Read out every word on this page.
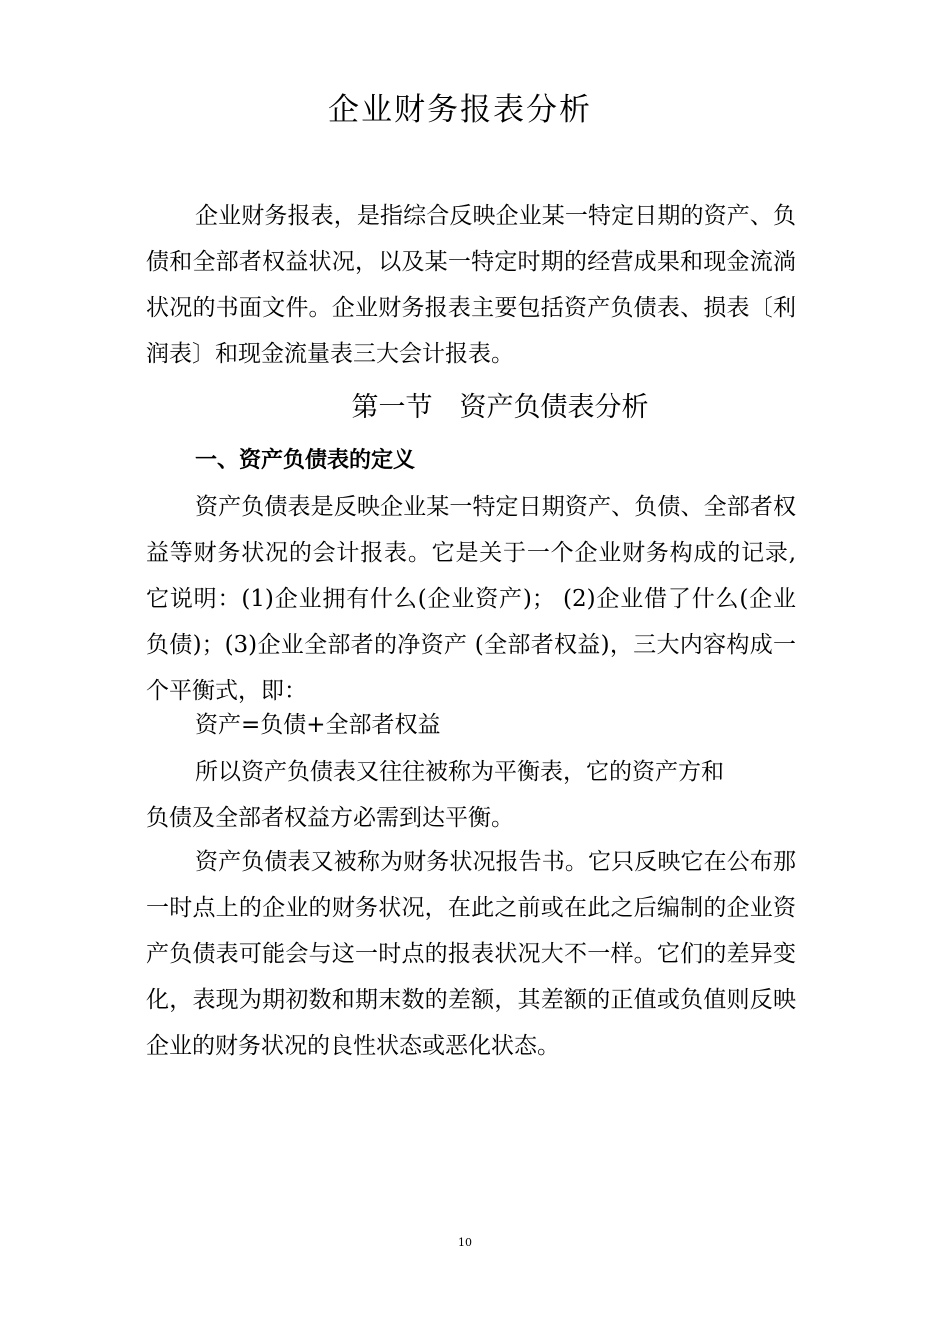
企业财务报表分析

企业财务报表，是指综合反映企业某一特定日期的资产、负债和全部者权益状况，以及某一特定时期的经营成果和现金流淌状况的书面文件。企业财务报表主要包括资产负债表、损表〔利润表〕和现金流量表三大会计报表。

第一节　资产负债表分析
一、资产负债表的定义

资产负债表是反映企业某一特定日期资产、负债、全部者权益等财务状况的会计报表。它是关于一个企业财务构成的记录,它说明：(1)企业拥有什么(企业资产)； (2)企业借了什么(企业负债)；(3)企业全部者的净资产 (全部者权益)，三大内容构成一个平衡式，即：

资产=负债+全部者权益

所以资产负债表又往往被称为平衡表，它的资产方和

负债及全部者权益方必需到达平衡。

资产负债表又被称为财务状况报告书。它只反映它在公布那一时点上的企业的财务状况，在此之前或在此之后编制的企业资产负债表可能会与这一时点的报表状况大不一样。它们的差异变化，表现为期初数和期末数的差额，其差额的正值或负值则反映企业的财务状况的良性状态或恶化状态。

10
